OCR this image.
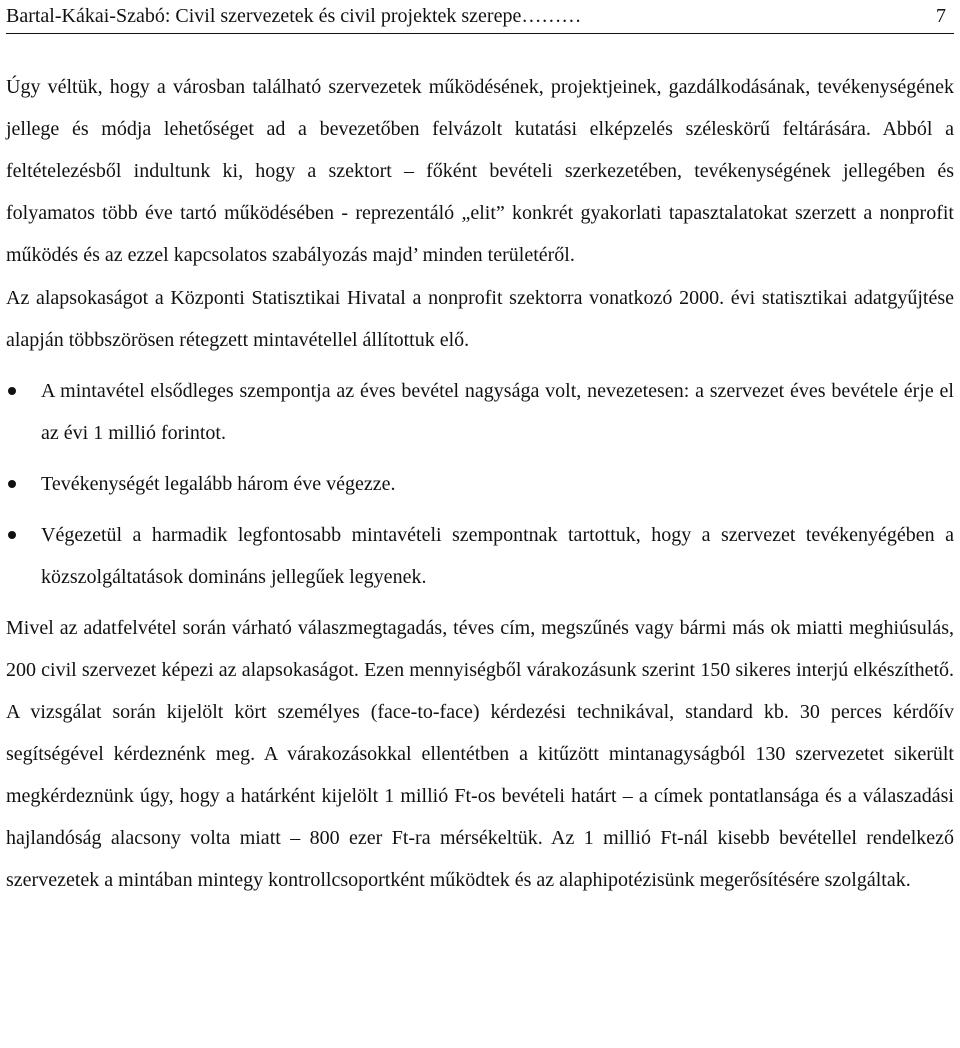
Bartal-Kákai-Szabó: Civil szervezetek és civil projektek szerepe………	7

Úgy véltük, hogy a városban található szervezetek működésének, projektjeinek, gazdálkodásának, tevékenységének jellege és módja lehetőséget ad a bevezetőben felvázolt kutatási elképzelés széleskörű feltárására. Abból a feltételezésből indultunk ki, hogy a szektort – főként bevételi szerkezetében, tevékenységének jellegében és folyamatos több éve tartó működésében - reprezentáló „elit” konkrét gyakorlati tapasztalatokat szerzett a nonprofit működés és az ezzel kapcsolatos szabályozás majd’ minden területéről.

Az alapsokaságot a Központi Statisztikai Hivatal a nonprofit szektorra vonatkozó 2000. évi statisztikai adatgyűjtése alapján többszörösen rétegzett mintavétellel állítottuk elő.

A mintavétel elsődleges szempontja az éves bevétel nagysága volt, nevezetesen: a szervezet éves bevétele érje el az évi 1 millió forintot.
Tevékenységét legalább három éve végezze.
Végezetül a harmadik legfontosabb mintavételi szempontnak tartottuk, hogy a szervezet tevékenyégében a közszolgáltatások domináns jellegűek legyenek.

Mivel az adatfelvétel során várható válaszmegtagadás, téves cím, megszűnés vagy bármi más ok miatti meghiúsulás, 200 civil szervezet képezi az alapsokaságot. Ezen mennyiségből várakozásunk szerint 150 sikeres interjú elkészíthető. A vizsgálat során kijelölt kört személyes (face-to-face) kérdezési technikával, standard kb. 30 perces kérdőív segítségével kérdeznénk meg. A várakozásokkal ellentétben a kitűzött mintanagyságból 130 szervezetet sikerült megkérdeznünk úgy, hogy a határként kijelölt 1 millió Ft-os bevételi határt – a címek pontatlansága és a válaszadási hajlandóság alacsony volta miatt – 800 ezer Ft-ra mérsékeltük. Az 1 millió Ft-nál kisebb bevétellel rendelkező szervezetek a mintában mintegy kontrollcsoportként működtek és az alaphipotézisünk megerősítésére szolgáltak.
